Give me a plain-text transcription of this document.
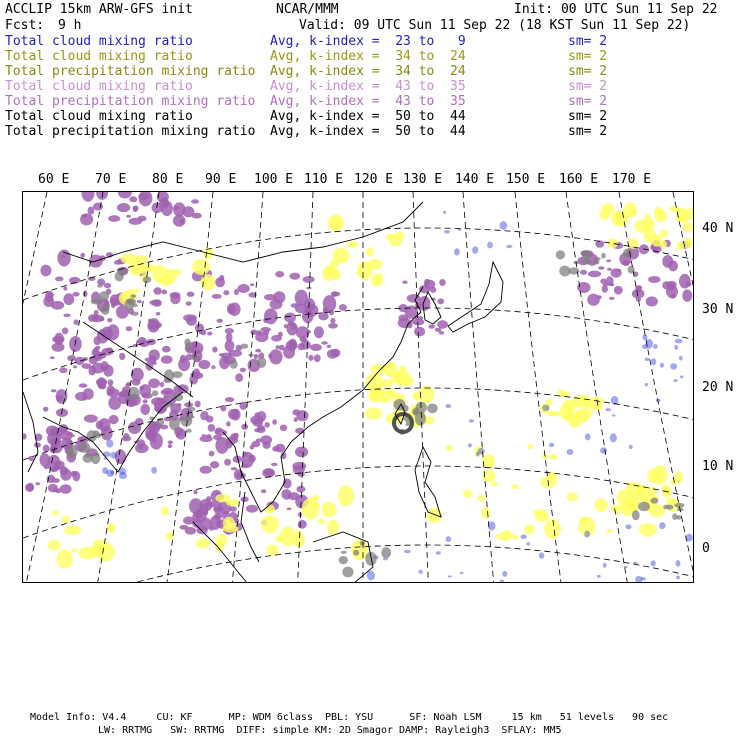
ACCLIP 15km ARW-GFS init	NCAR/MMM	Init: 00 UTC Sun 11 Sep 22
Fcst: 9 h	Valid: 09 UTC Sun 11 Sep 22 (18 KST Sun 11 Sep 22)
Total cloud mixing ratio	Avg, k-index =  23 to   9	sm= 2
Total cloud mixing ratio	Avg, k-index =  34 to  24	sm= 2
Total precipitation mixing ratio Avg, k-index =  34 to  24	sm= 2
Total cloud mixing ratio	Avg, k-index =  43 to  35	sm= 2
Total precipitation mixing ratio Avg, k-index =  43 to  35	sm= 2
Total cloud mixing ratio	Avg, k-index =  50 to  44	sm= 2
Total precipitation mixing ratio Avg, k-index =  50 to  44	sm= 2
60 E 70 E 80 E 90 E 100 E 110 E 120 E 130 E 140 E 150 E 160 E 170 E
40 N
30 N
20 N
10 N
0
Model Info: V4.4     CU: KF      MP: WDM 6class  PBL: YSU      SF: Noah LSM     15 km   51 levels   90 sec
LW: RRTMG   SW: RRTMG  DIFF: simple KM: 2D Smagor DAMP: Rayleigh3  SFLAY: MM5
